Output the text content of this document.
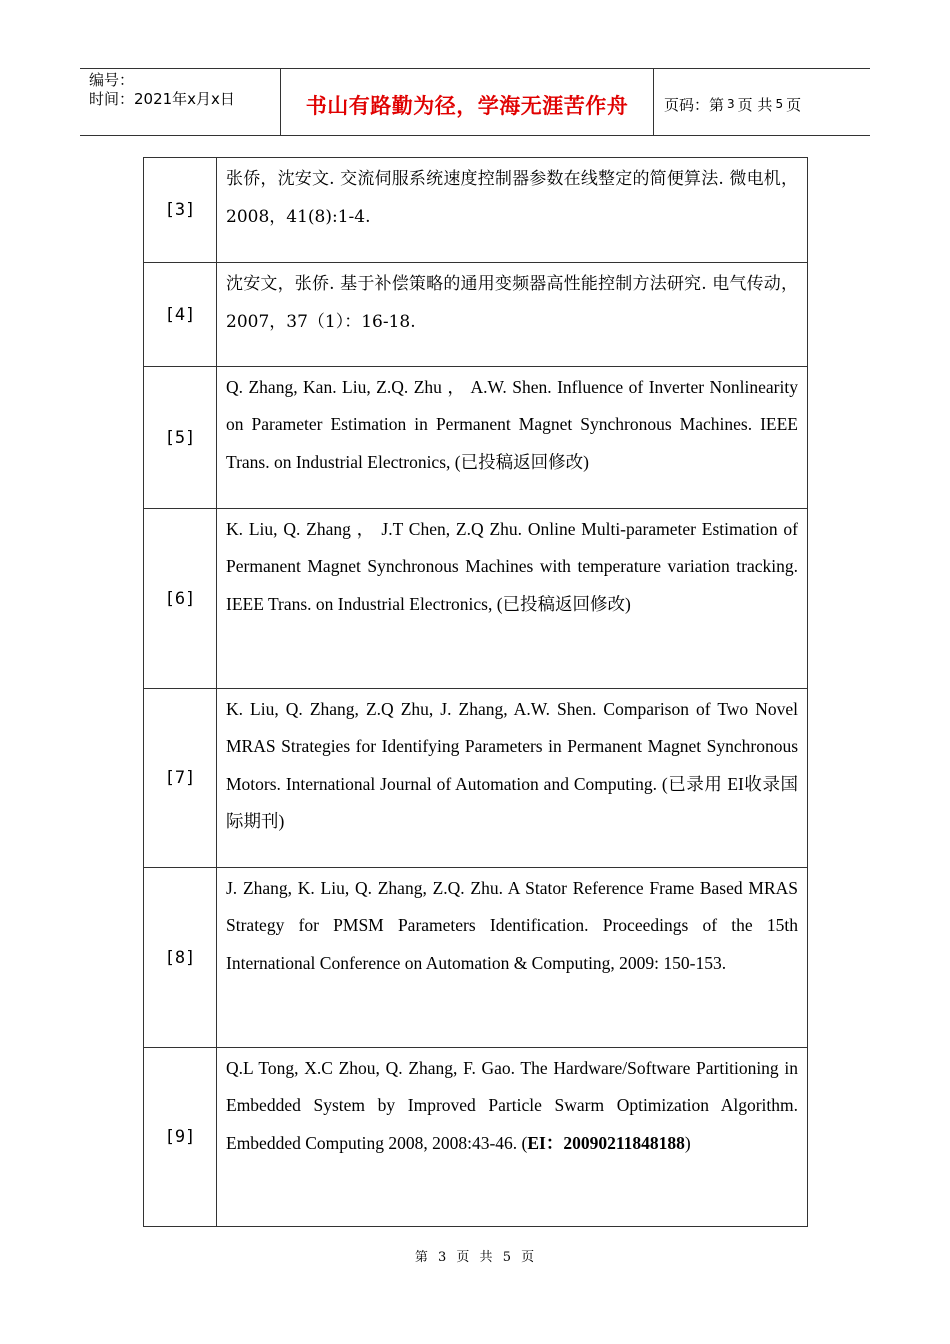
编号：
时间：2021年x月x日	书山有路勤为径，学海无涯苦作舟	页码：第 3 页 共 5 页
[3]	张侨，沈安文. 交流伺服系统速度控制器参数在线整定的简便算法. 微电机，2008，41(8):1-4.
[4]	沈安文，张侨. 基于补偿策略的通用变频器高性能控制方法研究. 电气传动，2007，37（1）：16-18.
[5]	Q. Zhang, Kan. Liu, Z.Q. Zhu ， A.W. Shen. Influence of Inverter Nonlinearity on Parameter Estimation in Permanent Magnet Synchronous Machines. IEEE Trans. on Industrial Electronics, (已投稿返回修改)
[6]	K. Liu, Q. Zhang ， J.T Chen, Z.Q Zhu. Online Multi-parameter Estimation of Permanent Magnet Synchronous Machines with temperature variation tracking. IEEE Trans. on Industrial Electronics, (已投稿返回修改)
[7]	K. Liu, Q. Zhang, Z.Q Zhu, J. Zhang, A.W. Shen. Comparison of Two Novel MRAS Strategies for Identifying Parameters in Permanent Magnet Synchronous Motors. International Journal of Automation and Computing. (已录用 EI收录国际期刊)
[8]	J. Zhang, K. Liu, Q. Zhang, Z.Q. Zhu. A Stator Reference Frame Based MRAS Strategy for PMSM Parameters Identification. Proceedings of the 15th International Conference on Automation & Computing, 2009: 150-153.
[9]	Q.L Tong, X.C Zhou, Q. Zhang, F. Gao. The Hardware/Software Partitioning in Embedded System by Improved Particle Swarm Optimization Algorithm. Embedded Computing 2008, 2008:43-46. (EI：20090211848188)
第 3 页 共 5 页
